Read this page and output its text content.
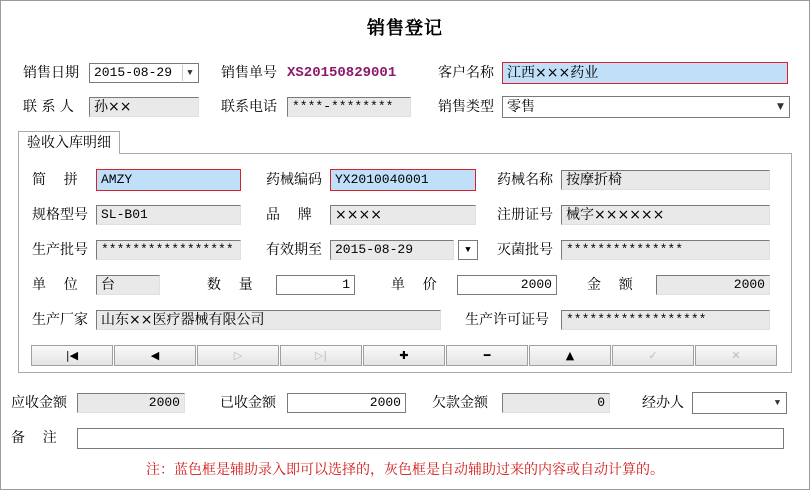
销售登记
销售日期	2015-08-29	▼	销售单号 XS20150829001	客户名称 江西×××药业
联 系 人	孙××	联系电话	****-********	销售类型 零售	▼
验收入库明细
简    拼	AMZY	药械编码	YX2010040001	药械名称 按摩折椅
规格型号	SL-B01	品    牌	××××	注册证号 械字××××××
生产批号	*****************	有效期至	2015-08-29	▼	灭菌批号	***************
单    位	台	数    量	1	单    价	2000	金    额	2000
生产厂家 山东××医疗器械有限公司	生产许可证号	******************
|◀	◀	▷	▷|	✚	━	▲	✓	✕
应收金额	2000	已收金额	2000	欠款金额	0	经办人	▼
备    注
注：蓝色框是辅助录入即可以选择的，灰色框是自动辅助过来的内容或自动计算的。
